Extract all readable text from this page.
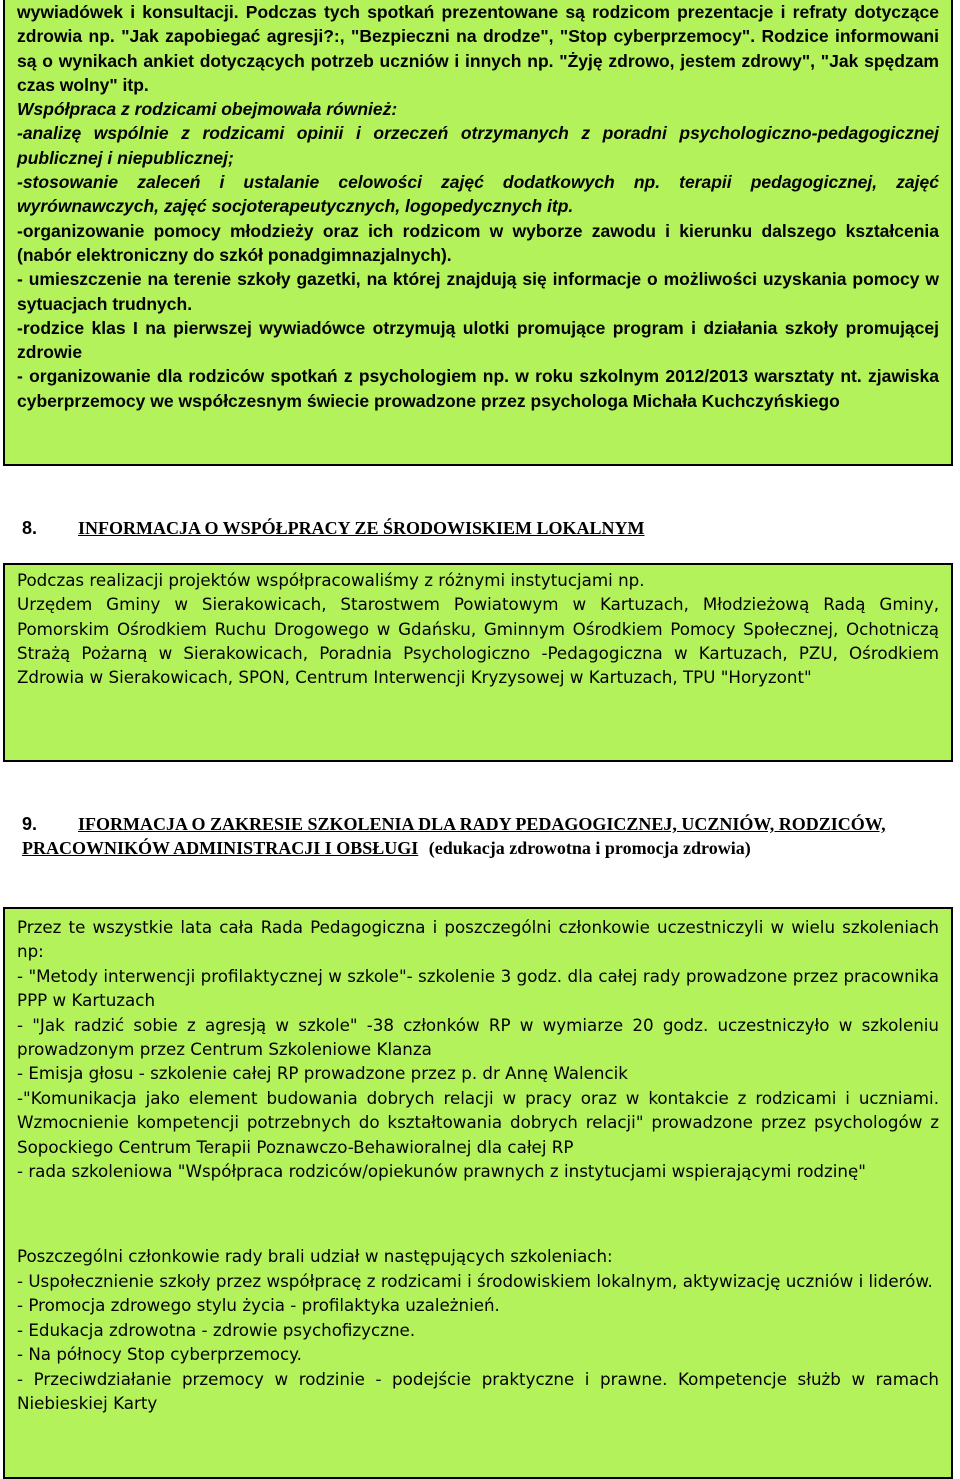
wywiadówek i konsultacji. Podczas tych spotkań prezentowane są rodzicom prezentacje i refraty dotyczące zdrowia np. "Jak zapobiegać agresji?:, "Bezpieczni na drodze", "Stop cyberprzemocy". Rodzice informowani są o wynikach ankiet dotyczących potrzeb uczniów i innych np. "Żyję zdrowo, jestem zdrowy", "Jak spędzam czas wolny" itp.

Współpraca z rodzicami obejmowała również:

-analizę wspólnie z rodzicami opinii i orzeczeń otrzymanych z poradni psychologiczno-pedagogicznej publicznej i niepublicznej;

-stosowanie zaleceń i ustalanie celowości zajęć dodatkowych np. terapii pedagogicznej, zajęć wyrównawczych, zajęć socjoterapeutycznych, logopedycznych itp.

-organizowanie pomocy młodzieży oraz ich rodzicom w wyborze zawodu i kierunku dalszego kształcenia (nabór elektroniczny do szkół ponadgimnazjalnych).

- umieszczenie na terenie szkoły gazetki, na której znajdują się informacje o możliwości uzyskania pomocy w sytuacjach trudnych.

-rodzice klas I na pierwszej wywiadówce otrzymują ulotki promujące program i działania szkoły promującej zdrowie

- organizowanie dla rodziców spotkań z psychologiem np. w roku szkolnym 2012/2013 warsztaty nt. zjawiska cyberprzemocy we współczesnym świecie prowadzone przez psychologa Michała Kuchczyńskiego

8. INFORMACJA O WSPÓŁPRACY ZE ŚRODOWISKIEM LOKALNYM

Podczas realizacji projektów współpracowaliśmy z różnymi instytucjami np.

Urzędem Gminy w Sierakowicach, Starostwem Powiatowym w Kartuzach, Młodzieżową Radą Gminy, Pomorskim Ośrodkiem Ruchu Drogowego w Gdańsku, Gminnym Ośrodkiem Pomocy Społecznej, Ochotniczą Strażą Pożarną w Sierakowicach, Poradnia Psychologiczno -Pedagogiczna w Kartuzach, PZU, Ośrodkiem Zdrowia w Sierakowicach, SPON, Centrum Interwencji Kryzysowej w Kartuzach, TPU "Horyzont"

9. IFORMACJA O ZAKRESIE SZKOLENIA DLA RADY PEDAGOGICZNEJ, UCZNIÓW, RODZICÓW, PRACOWNIKÓW ADMINISTRACJI I OBSŁUGI (edukacja zdrowotna i promocja zdrowia)

Przez te wszystkie lata cała Rada Pedagogiczna i poszczególni członkowie uczestniczyli w wielu szkoleniach np:

- "Metody interwencji profilaktycznej w szkole"- szkolenie 3 godz. dla całej rady prowadzone przez pracownika PPP w Kartuzach

- "Jak radzić sobie z agresją w szkole" -38 członków RP w wymiarze 20 godz. uczestniczyło w szkoleniu prowadzonym przez Centrum Szkoleniowe Klanza

- Emisja głosu - szkolenie całej RP prowadzone przez p. dr Annę Walencik

-"Komunikacja jako element budowania dobrych relacji w pracy oraz w kontakcie z rodzicami i uczniami. Wzmocnienie kompetencji potrzebnych do kształtowania dobrych relacji" prowadzone przez psychologów z Sopockiego Centrum Terapii Poznawczo-Behawioralnej dla całej RP

- rada szkoleniowa "Współpraca rodziców/opiekunów prawnych z instytucjami wspierającymi rodzinę"

Poszczególni członkowie rady brali udział w następujących szkoleniach:

- Uspołecznienie szkoły przez współpracę z rodzicami i środowiskiem lokalnym, aktywizację uczniów i liderów.

- Promocja zdrowego stylu życia - profilaktyka uzależnień.

- Edukacja zdrowotna - zdrowie psychofizyczne.

- Na północy Stop cyberprzemocy.

- Przeciwdziałanie przemocy w rodzinie - podejście praktyczne i prawne. Kompetencje służb w ramach Niebieskiej Karty
